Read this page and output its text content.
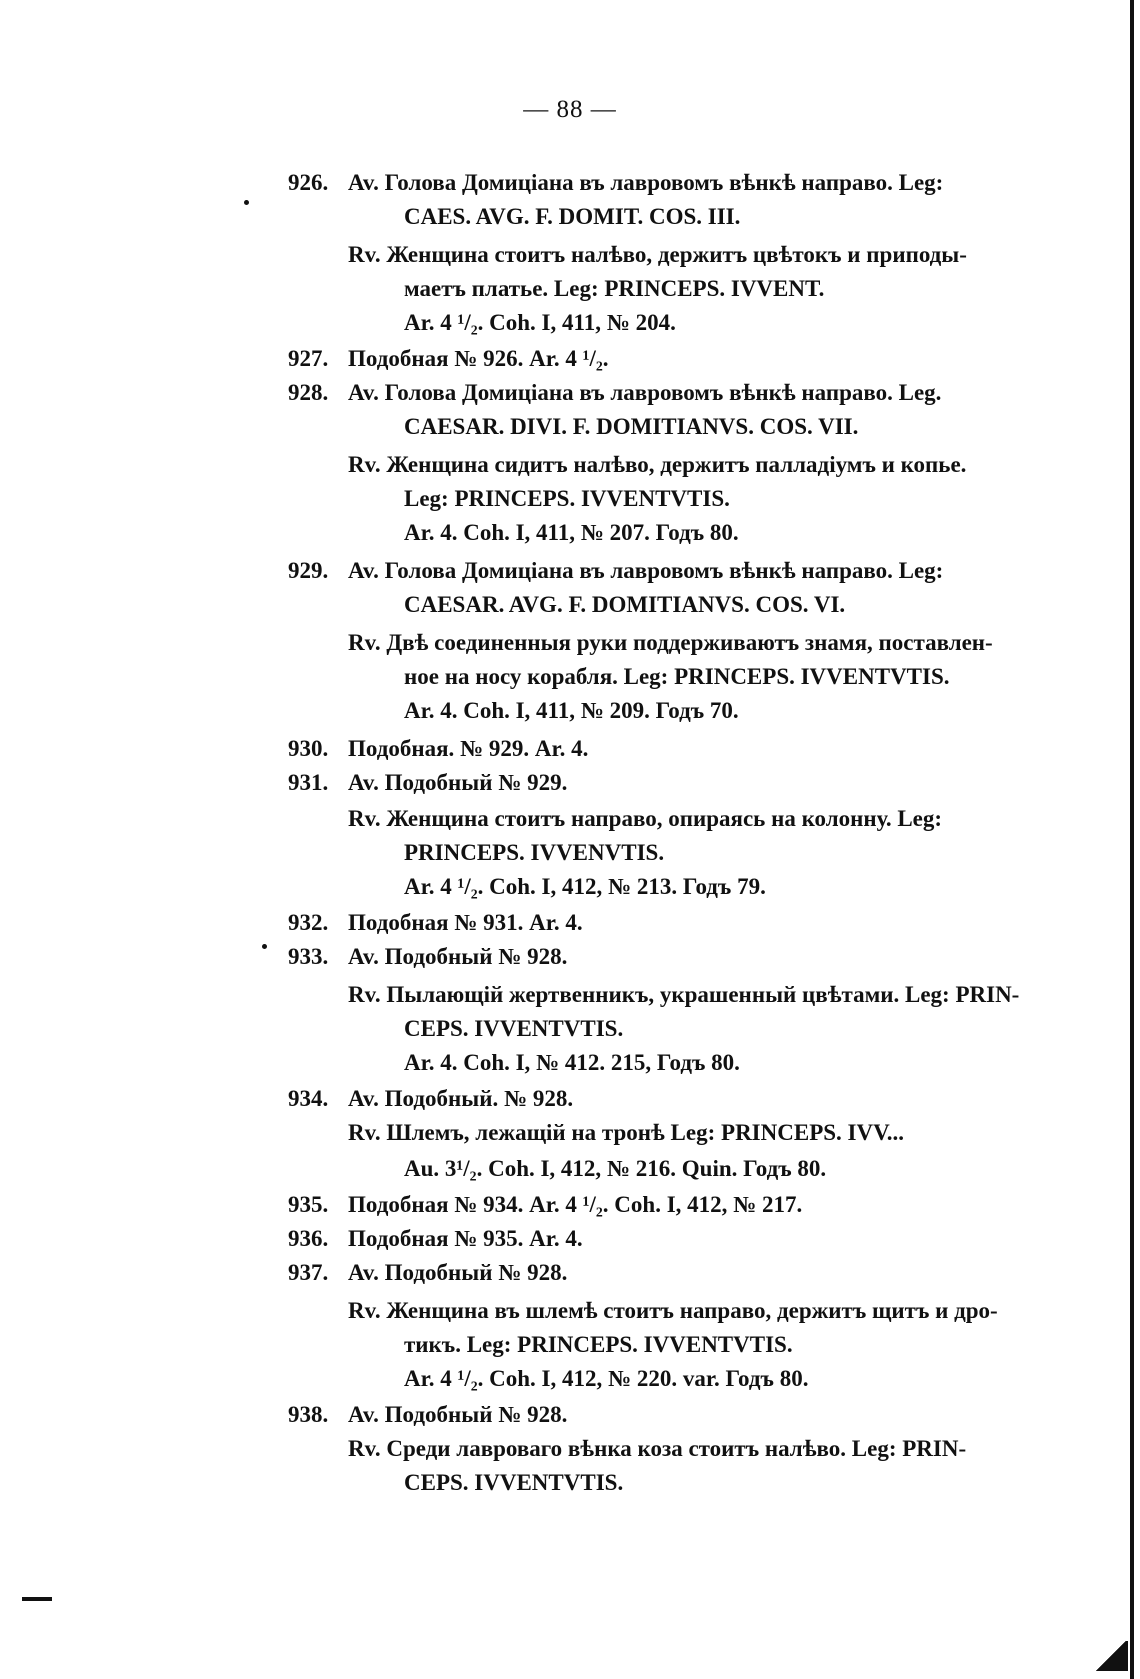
— 88 —
926. Av. Голова Домиціана въ лавровомъ вѣнкѣ направо. Leg:
CAES. AVG. F. DOMIT. COS. III.
Rv. Женщина стоитъ налѣво, держитъ цвѣтокъ и приподы-
маетъ платье. Leg: PRINCEPS. IVVENT.
Ar. 4 ¹/₂. Coh. I, 411, № 204.
927. Подобная № 926. Ar. 4 ¹/₂.
928. Av. Голова Домиціана въ лавровомъ вѣнкѣ направо. Leg.
CAESAR. DIVI. F. DOMITIANVS. COS. VII.
Rv. Женщина сидитъ налѣво, держитъ палладіумъ и копье.
Leg: PRINCEPS. IVVENTVTIS.
Ar. 4. Coh. I, 411, № 207. Годъ 80.
929. Av. Голова Домиціана въ лавровомъ вѣнкѣ направо. Leg:
CAESAR. AVG. F. DOMITIANVS. COS. VI.
Rv. Двѣ соединенныя руки поддерживаютъ знамя, поставлен-
ное на носу корабля. Leg: PRINCEPS. IVVENTVTIS.
Ar. 4. Coh. I, 411, № 209. Годъ 70.
930. Подобная. № 929. Ar. 4.
931. Av. Подобный № 929.
Rv. Женщина стоитъ направо, опираясь на колонну. Leg:
PRINCEPS. IVVENVTIS.
Ar. 4 ¹/₂. Coh. I, 412, № 213. Годъ 79.
932. Подобная № 931. Ar. 4.
933. Av. Подобный № 928.
Rv. Пылающій жертвенникъ, украшенный цвѣтами. Leg: PRIN-
CEPS. IVVENTVTIS.
Ar. 4. Coh. I, № 412. 215, Годъ 80.
934. Av. Подобный. № 928.
Rv. Шлемъ, лежащій на тронѣ Leg: PRINCEPS. IVV...
Au. 3¹/₂. Coh. I, 412, № 216. Quin. Годъ 80.
935. Подобная № 934. Ar. 4 ¹/₂. Coh. I, 412, № 217.
936. Подобная № 935. Ar. 4.
937. Av. Подобный № 928.
Rv. Женщина въ шлемѣ стоитъ направо, держитъ щитъ и дро-
тикъ. Leg: PRINCEPS. IVVENTVTIS.
Ar. 4 ¹/₂. Coh. I, 412, № 220. var. Годъ 80.
938. Av. Подобный № 928.
Rv. Среди лавроваго вѣнка коза стоитъ налѣво. Leg: PRIN-
CEPS. IVVENTVTIS.
